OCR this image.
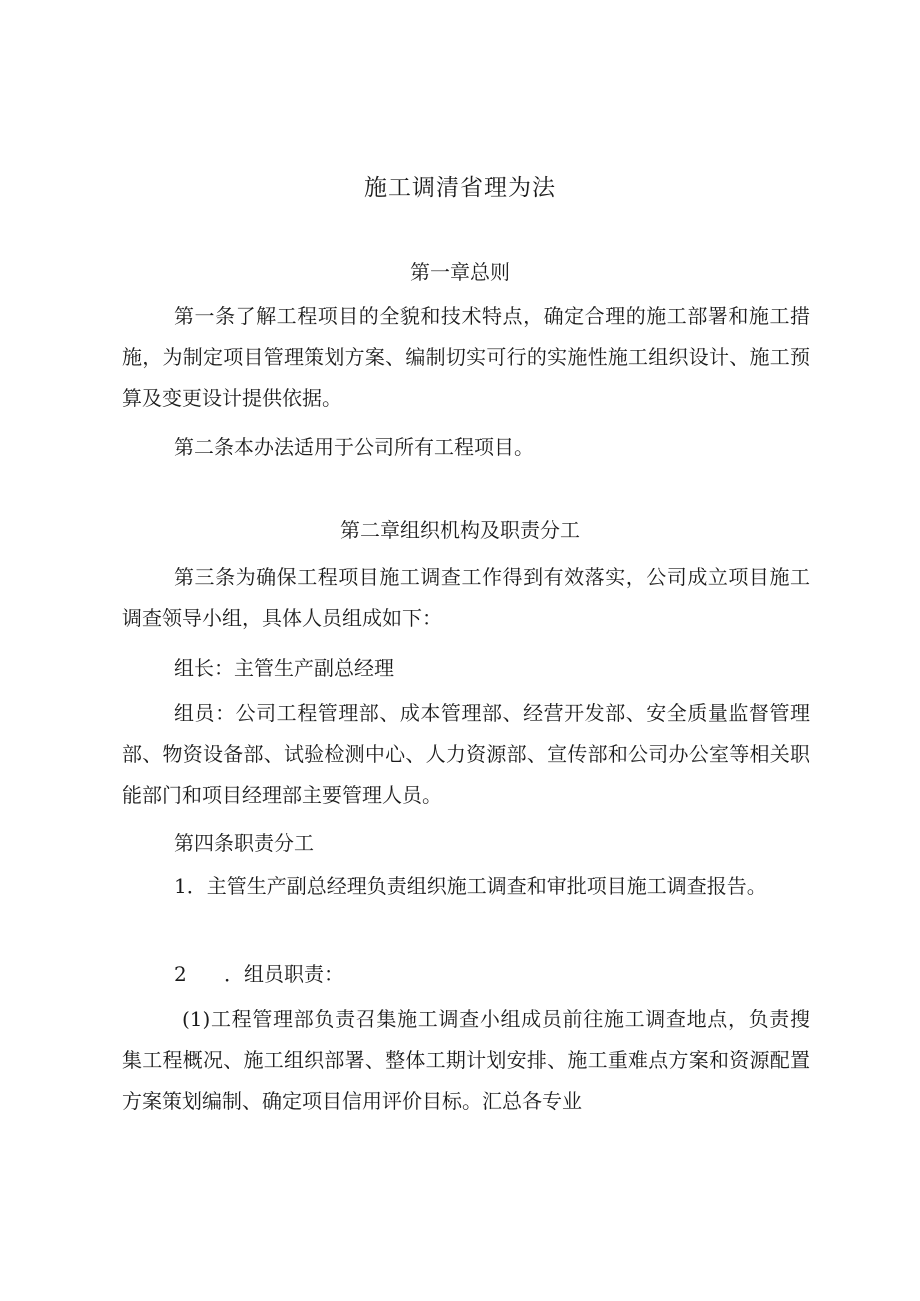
施工调清省理为法
第一章总则
第一条了解工程项目的全貌和技术特点，确定合理的施工部署和施工措施，为制定项目管理策划方案、编制切实可行的实施性施工组织设计、施工预算及变更设计提供依据。
第二条本办法适用于公司所有工程项目。
第二章组织机构及职责分工
第三条为确保工程项目施工调查工作得到有效落实，公司成立项目施工调查领导小组，具体人员组成如下：
组长：主管生产副总经理
组员：公司工程管理部、成本管理部、经营开发部、安全质量监督管理部、物资设备部、试验检测中心、人力资源部、宣传部和公司办公室等相关职能部门和项目经理部主要管理人员。
第四条职责分工
1．主管生产副总经理负责组织施工调查和审批项目施工调查报告。
2 ．组员职责：
(1)工程管理部负责召集施工调查小组成员前往施工调查地点，负责搜集工程概况、施工组织部署、整体工期计划安排、施工重难点方案和资源配置方案策划编制、确定项目信用评价目标。汇总各专业
